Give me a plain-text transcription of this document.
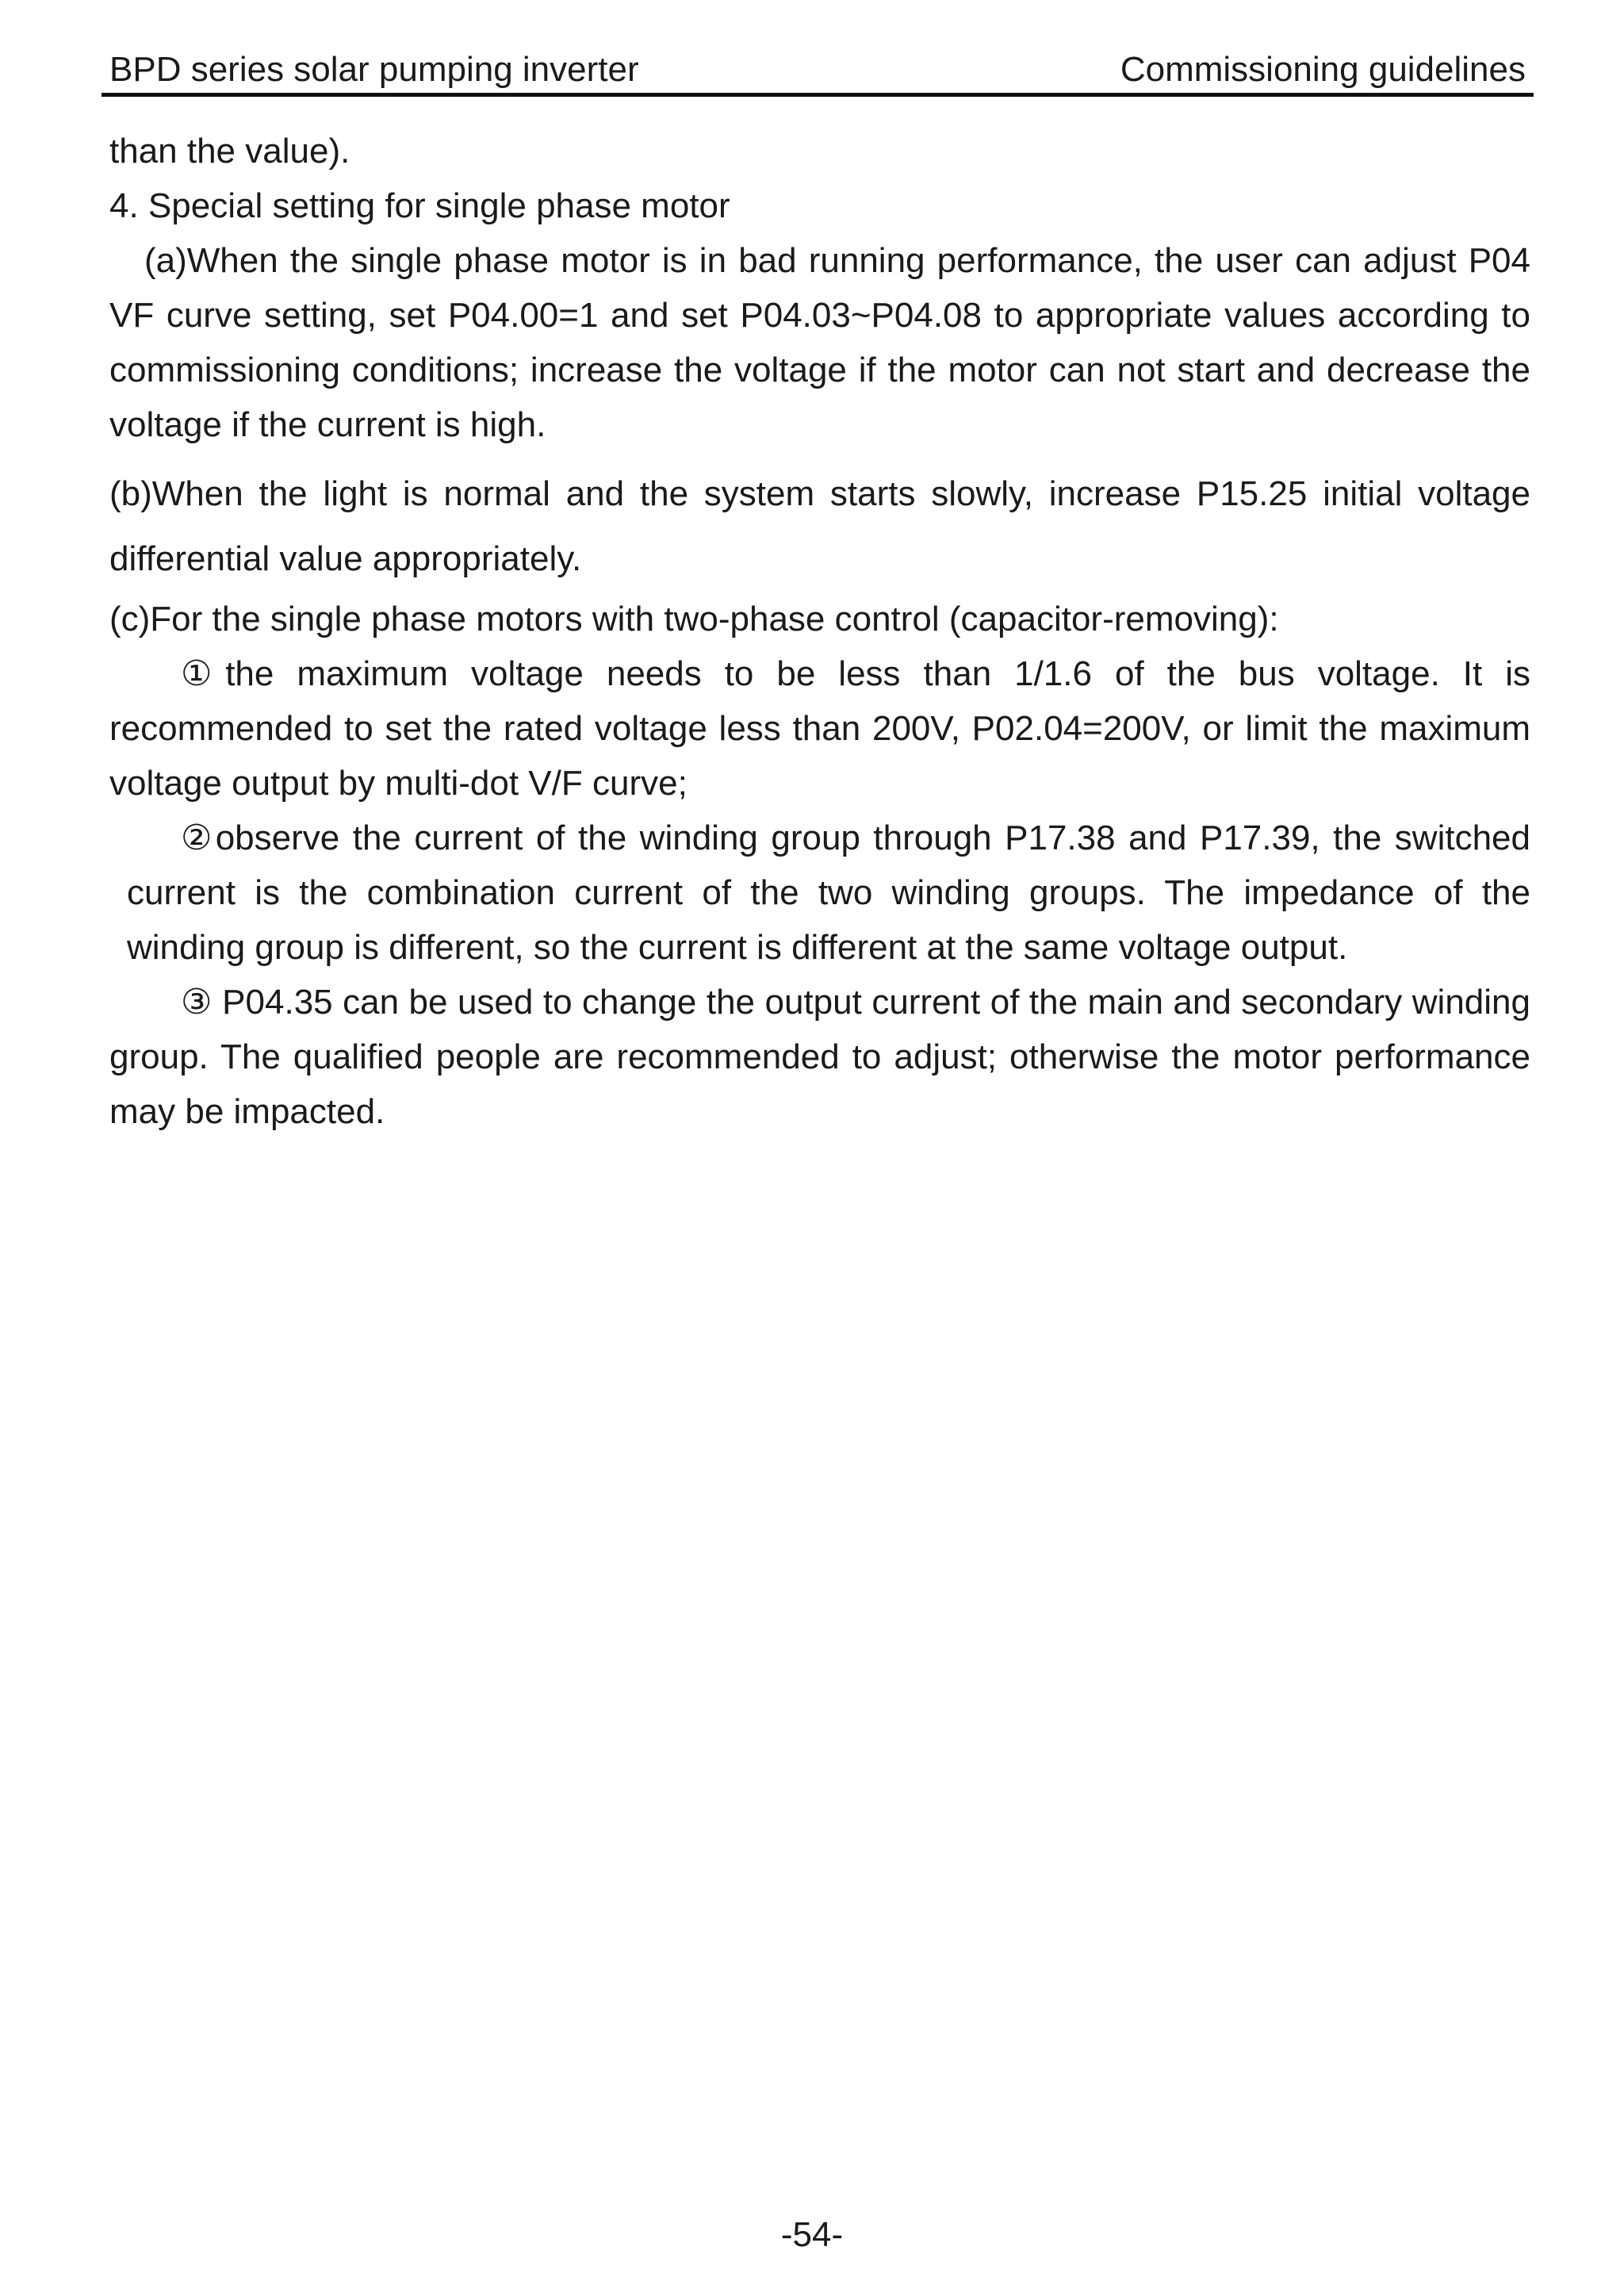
BPD series solar pumping inverter	Commissioning guidelines

than the value).

4. Special setting for single phase motor

(a)When the single phase motor is in bad running performance, the user can adjust P04 VF curve setting, set P04.00=1 and set P04.03~P04.08 to appropriate values according to commissioning conditions; increase the voltage if the motor can not start and decrease the voltage if the current is high.

(b)When the light is normal and the system starts slowly, increase P15.25 initial voltage differential value appropriately.

(c)For the single phase motors with two-phase control (capacitor-removing):

①the maximum voltage needs to be less than 1/1.6 of the bus voltage. It is recommended to set the rated voltage less than 200V, P02.04=200V, or limit the maximum voltage output by multi-dot V/F curve;

②observe the current of the winding group through P17.38 and P17.39, the switched current is the combination current of the two winding groups. The impedance of the winding group is different, so the current is different at the same voltage output.

③ P04.35 can be used to change the output current of the main and secondary winding group. The qualified people are recommended to adjust; otherwise the motor performance may be impacted.

-54-
